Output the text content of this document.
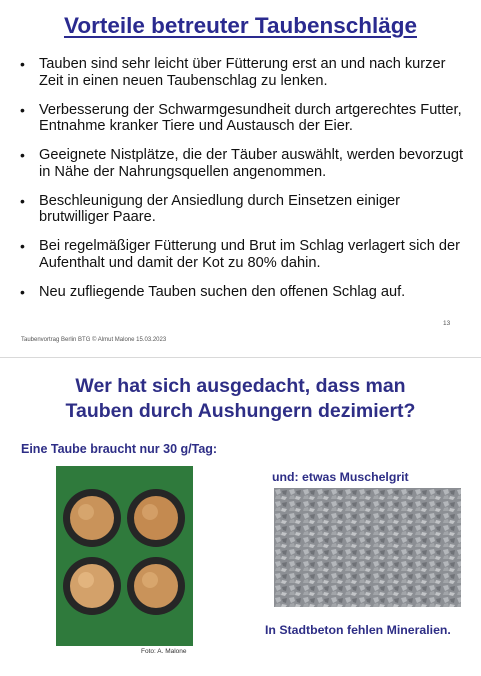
Vorteile betreuter Taubenschläge
• Tauben sind sehr leicht über Fütterung erst an und nach kurzer Zeit in einen neuen Taubenschlag zu lenken.
• Verbesserung der Schwarmgesundheit durch artgerechtes Futter, Entnahme kranker Tiere und Austausch der Eier.
• Geeignete Nistplätze, die der Täuber auswählt, werden bevorzugt in Nähe der Nahrungsquellen angenommen.
• Beschleunigung der Ansiedlung durch Einsetzen einiger brutwilliger Paare.
• Bei regelmäßiger Fütterung und Brut im Schlag verlagert sich der Aufenthalt und damit der Kot zu 80% dahin.
• Neu zufliegende Tauben suchen den offenen Schlag auf.
13
Taubenvortrag Berlin BTG © Almut Malone 15.03.2023
Wer hat sich ausgedacht, dass man
Tauben durch Aushungern dezimiert?
Eine Taube braucht nur 30 g/Tag:
Foto: A. Malone
und: etwas Muschelgrit
In Stadtbeton fehlen Mineralien.
